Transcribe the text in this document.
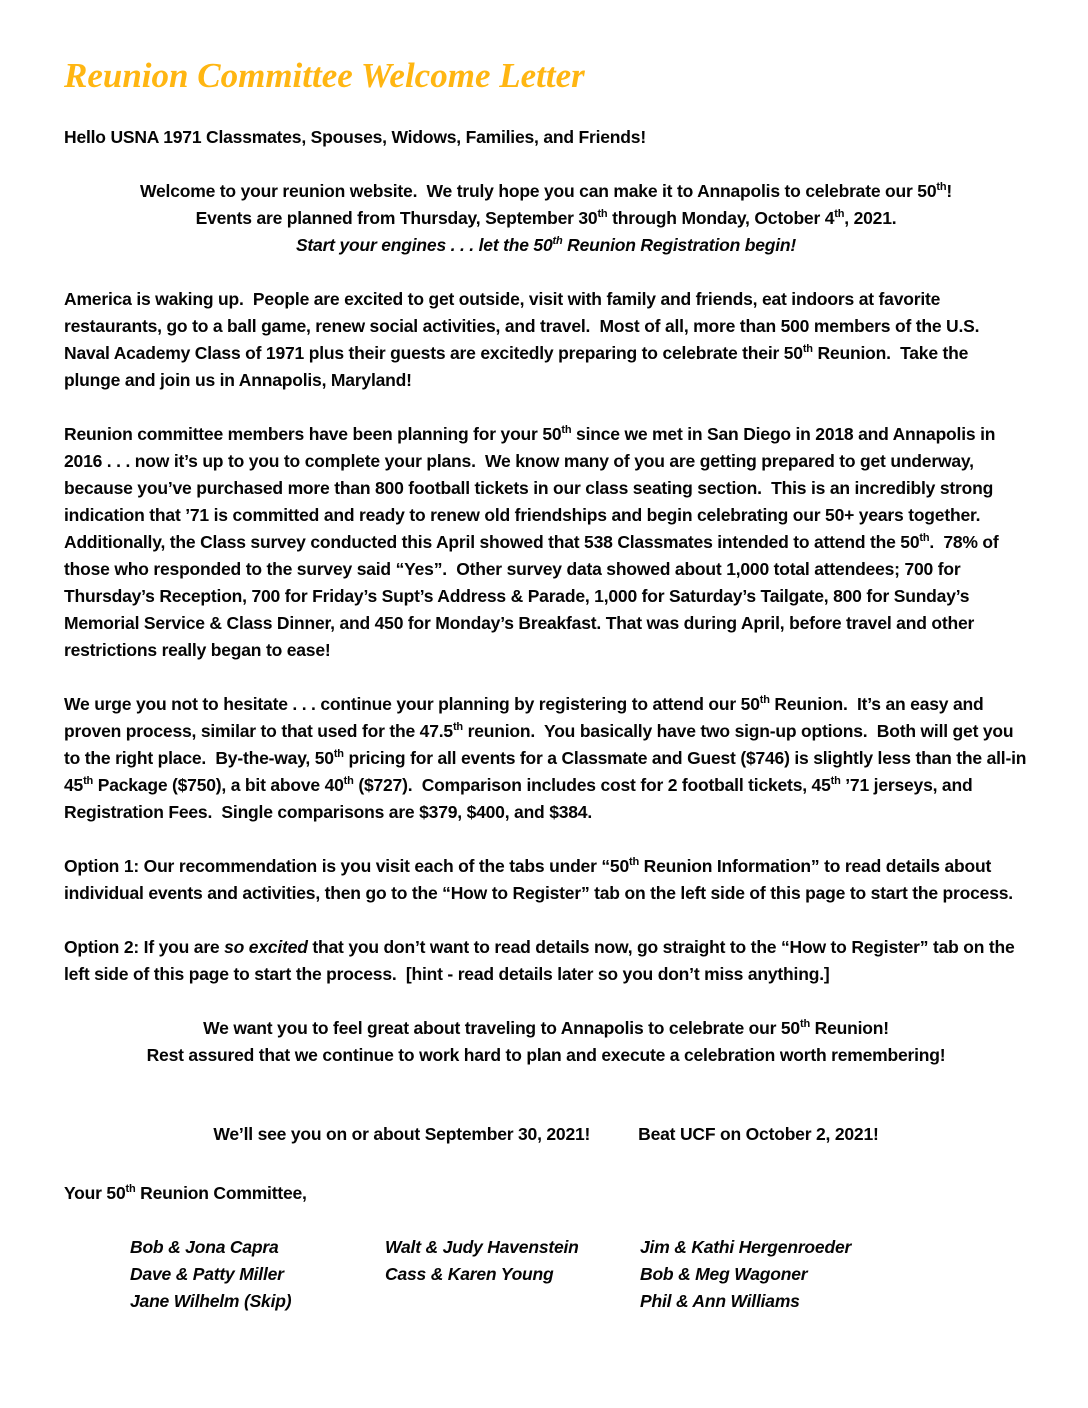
Reunion Committee Welcome Letter

Hello USNA 1971 Classmates, Spouses, Widows, Families, and Friends!

Welcome to your reunion website.  We truly hope you can make it to Annapolis to celebrate our 50th!
Events are planned from Thursday, September 30th through Monday, October 4th, 2021.
Start your engines . . . let the 50th Reunion Registration begin!

America is waking up.  People are excited to get outside, visit with family and friends, eat indoors at favorite restaurants, go to a ball game, renew social activities, and travel.  Most of all, more than 500 members of the U.S. Naval Academy Class of 1971 plus their guests are excitedly preparing to celebrate their 50th Reunion.  Take the plunge and join us in Annapolis, Maryland!

Reunion committee members have been planning for your 50th since we met in San Diego in 2018 and Annapolis in 2016 . . . now it’s up to you to complete your plans.  We know many of you are getting prepared to get underway, because you’ve purchased more than 800 football tickets in our class seating section.  This is an incredibly strong indication that ’71 is committed and ready to renew old friendships and begin celebrating our 50+ years together.  Additionally, the Class survey conducted this April showed that 538 Classmates intended to attend the 50th.  78% of those who responded to the survey said “Yes”.  Other survey data showed about 1,000 total attendees; 700 for Thursday’s Reception, 700 for Friday’s Supt’s Address & Parade, 1,000 for Saturday’s Tailgate, 800 for Sunday’s Memorial Service & Class Dinner, and 450 for Monday’s Breakfast. That was during April, before travel and other restrictions really began to ease!

We urge you not to hesitate . . . continue your planning by registering to attend our 50th Reunion.  It’s an easy and proven process, similar to that used for the 47.5th reunion.  You basically have two sign-up options.  Both will get you to the right place.  By-the-way, 50th pricing for all events for a Classmate and Guest ($746) is slightly less than the all-in 45th Package ($750), a bit above 40th ($727).  Comparison includes cost for 2 football tickets, 45th ’71 jerseys, and Registration Fees.  Single comparisons are $379, $400, and $384.

Option 1: Our recommendation is you visit each of the tabs under “50th Reunion Information” to read details about individual events and activities, then go to the “How to Register” tab on the left side of this page to start the process.

Option 2: If you are so excited that you don’t want to read details now, go straight to the “How to Register” tab on the left side of this page to start the process.  [hint - read details later so you don’t miss anything.]

We want you to feel great about traveling to Annapolis to celebrate our 50th Reunion!
Rest assured that we continue to work hard to plan and execute a celebration worth remembering!
We’ll see you on or about September 30, 2021!	Beat UCF on October 2, 2021!
Your 50th Reunion Committee,
Bob & Jona Capra
Dave & Patty Miller
Jane Wilhelm (Skip)
Walt & Judy Havenstein
Cass & Karen Young
Jim & Kathi Hergenroeder
Bob & Meg Wagoner
Phil & Ann Williams
